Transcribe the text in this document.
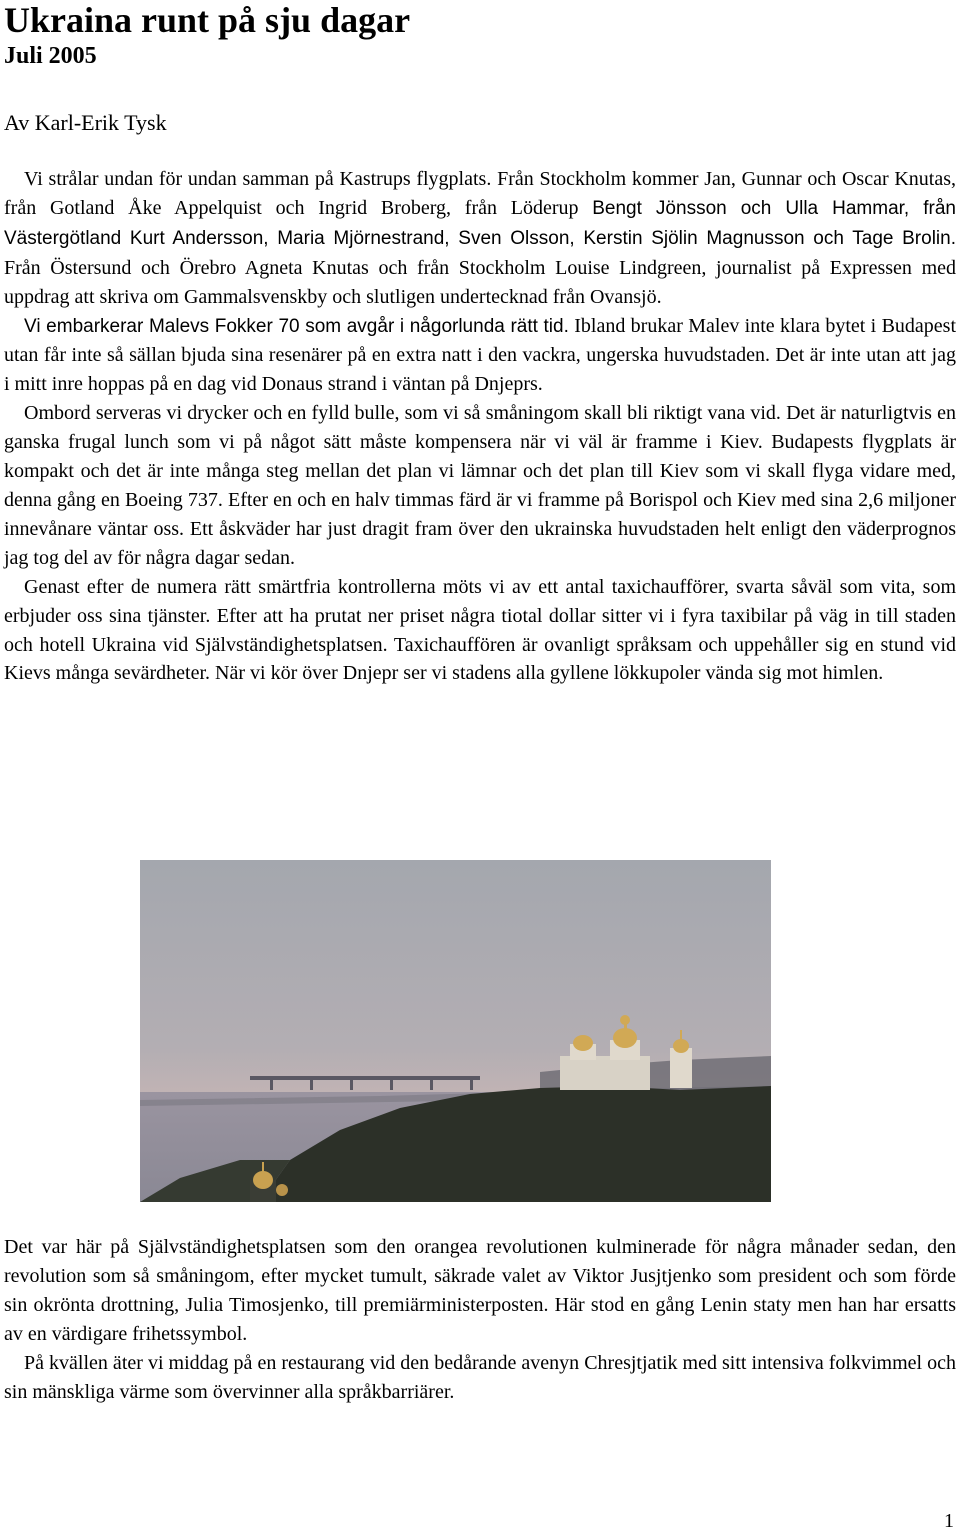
Ukraina runt på sju dagar
Juli 2005

Av Karl-Erik Tysk

Vi strålar undan för undan samman på Kastrups flygplats. Från Stockholm kommer Jan, Gunnar och Oscar Knutas, från Gotland Åke Appelquist och Ingrid Broberg, från Löderup Bengt Jönsson och Ulla Hammar, från Västergötland Kurt Andersson, Maria Mjörnestrand, Sven Olsson, Kerstin Sjölin Magnusson och Tage Brolin. Från Östersund och Örebro Agneta Knutas och från Stockholm Louise Lindgreen, journalist på Expressen med uppdrag att skriva om Gammalsvenskby och slutligen undertecknad från Ovansjö.

Vi embarkerar Malevs Fokker 70 som avgår i någorlunda rätt tid. Ibland brukar Malev inte klara bytet i Budapest utan får inte så sällan bjuda sina resenärer på en extra natt i den vackra, ungerska huvudstaden. Det är inte utan att jag i mitt inre hoppas på en dag vid Donaus strand i väntan på Dnjeprs.

Ombord serveras vi drycker och en fylld bulle, som vi så småningom skall bli riktigt vana vid. Det är naturligtvis en ganska frugal lunch som vi på något sätt måste kompensera när vi väl är framme i Kiev. Budapests flygplats är kompakt och det är inte många steg mellan det plan vi lämnar och det plan till Kiev som vi skall flyga vidare med, denna gång en Boeing 737. Efter en och en halv timmas färd är vi framme på Borispol och Kiev med sina 2,6 miljoner innevånare väntar oss. Ett åskväder har just dragit fram över den ukrainska huvudstaden helt enligt den väderprognos jag tog del av för några dagar sedan.

Genast efter de numera rätt smärtfria kontrollerna möts vi av ett antal taxichaufförer, svarta såväl som vita, som erbjuder oss sina tjänster. Efter att ha prutat ner priset några tiotal dollar sitter vi i fyra taxibilar på väg in till staden och hotell Ukraina vid Självständighetsplatsen. Taxichauffören är ovanligt språksam och uppehåller sig en stund vid Kievs många sevärdheter. När vi kör över Dnjepr ser vi stadens alla gyllene lökkupoler vända sig mot himlen.

Det var här på Självständighetsplatsen som den orangea revolutionen kulminerade för några månader sedan, den revolution som så småningom, efter mycket tumult, säkrade valet av Viktor Jusjtjenko som president och som förde sin okrönta drottning, Julia Timosjenko, till premiärministerposten. Här stod en gång Lenin staty men han har ersatts av en värdigare frihetssymbol.

På kvällen äter vi middag på en restaurang vid den bedårande avenyn Chresjtjatik med sitt intensiva folkvimmel och sin mänskliga värme som övervinner alla språkbarriärer.

1
